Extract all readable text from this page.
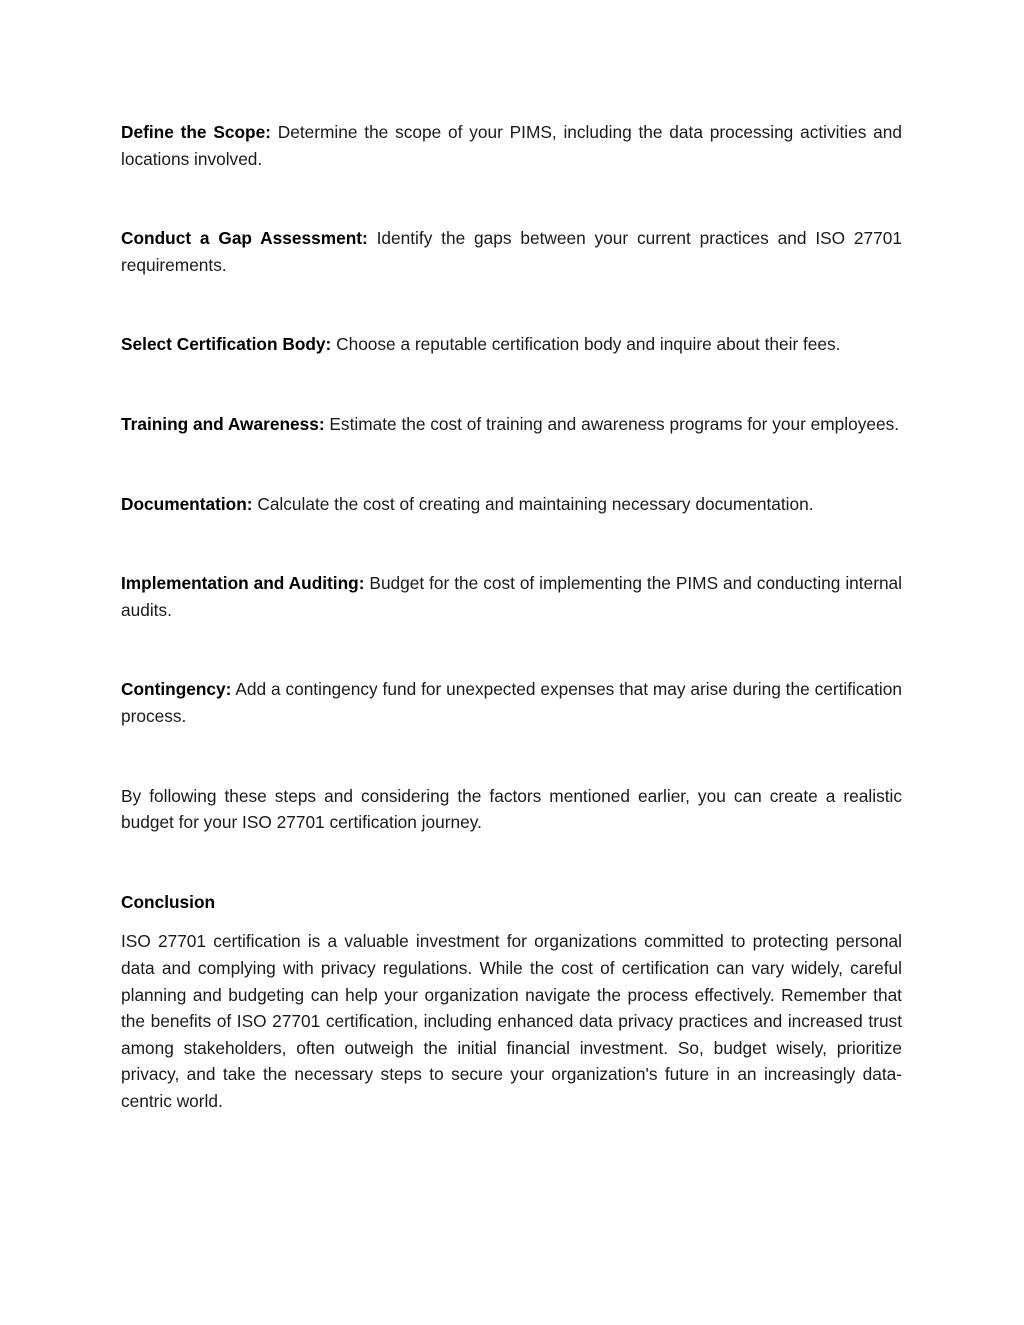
Define the Scope: Determine the scope of your PIMS, including the data processing activities and locations involved.

Conduct a Gap Assessment: Identify the gaps between your current practices and ISO 27701 requirements.

Select Certification Body: Choose a reputable certification body and inquire about their fees.

Training and Awareness: Estimate the cost of training and awareness programs for your employees.

Documentation: Calculate the cost of creating and maintaining necessary documentation.

Implementation and Auditing: Budget for the cost of implementing the PIMS and conducting internal audits.

Contingency: Add a contingency fund for unexpected expenses that may arise during the certification process.

By following these steps and considering the factors mentioned earlier, you can create a realistic budget for your ISO 27701 certification journey.

Conclusion

ISO 27701 certification is a valuable investment for organizations committed to protecting personal data and complying with privacy regulations. While the cost of certification can vary widely, careful planning and budgeting can help your organization navigate the process effectively. Remember that the benefits of ISO 27701 certification, including enhanced data privacy practices and increased trust among stakeholders, often outweigh the initial financial investment. So, budget wisely, prioritize privacy, and take the necessary steps to secure your organization's future in an increasingly data-centric world.
